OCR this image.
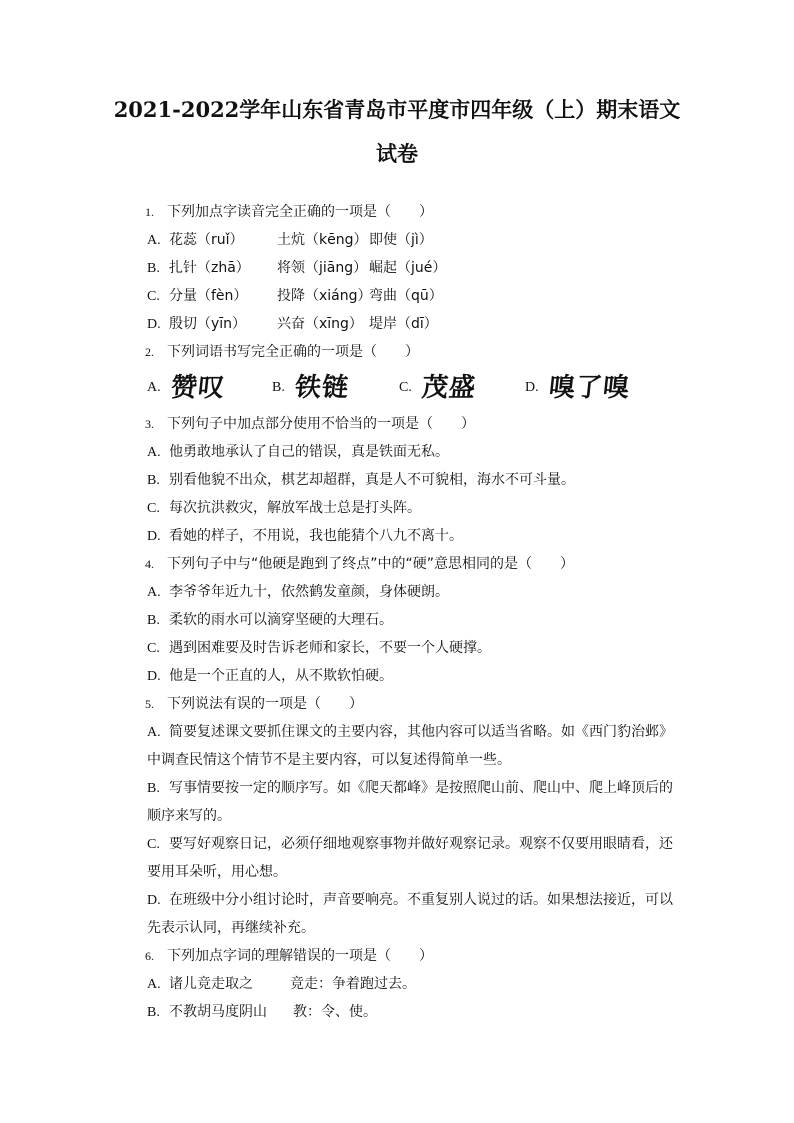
2021-2022学年山东省青岛市平度市四年级（上）期末语文
试卷
1. 下列加点字读音完全正确的一项是（　　）
A. 花蕊（ruǐ） 土炕（kēng） 即使（jì）
B. 扎针（zhā） 将领（jiāng） 崛起（jué）
C. 分量（fèn） 投降（xiáng）弯曲（qū）
D. 殷切（yīn） 兴奋（xīng） 堤岸（dī）
2. 下列词语书写完全正确的一项是（　　）
A. 赞叹	B. 铁链	C. 茂盛	D. 嗅了嗅
3. 下列句子中加点部分使用不恰当的一项是（　　）
A. 他勇敢地承认了自己的错误，真是铁面无私。
B. 别看他貌不出众，棋艺却超群，真是人不可貌相，海水不可斗量。
C. 每次抗洪救灾，解放军战士总是打头阵。
D. 看她的样子，不用说，我也能猜个八九不离十。
4. 下列句子中与“他硬是跑到了终点”中的“硬”意思相同的是（　　）
A. 李爷爷年近九十，依然鹤发童颜，身体硬朗。
B. 柔软的雨水可以滴穿坚硬的大理石。
C. 遇到困难要及时告诉老师和家长，不要一个人硬撑。
D. 他是一个正直的人，从不欺软怕硬。
5. 下列说法有误的一项是（　　）
A. 简要复述课文要抓住课文的主要内容，其他内容可以适当省略。如《西门豹治邺》
中调查民情这个情节不是主要内容，可以复述得简单一些。
B. 写事情要按一定的顺序写。如《爬天都峰》是按照爬山前、爬山中、爬上峰顶后的
顺序来写的。
C. 要写好观察日记，必须仔细地观察事物并做好观察记录。观察不仅要用眼睛看，还
要用耳朵听，用心想。
D. 在班级中分小组讨论时，声音要响亮。不重复别人说过的话。如果想法接近，可以
先表示认同，再继续补充。
6. 下列加点字词的理解错误的一项是（　　）
A. 诸儿竞走取之	竞走：争着跑过去。
B. 不教胡马度阴山 教：令、使。
